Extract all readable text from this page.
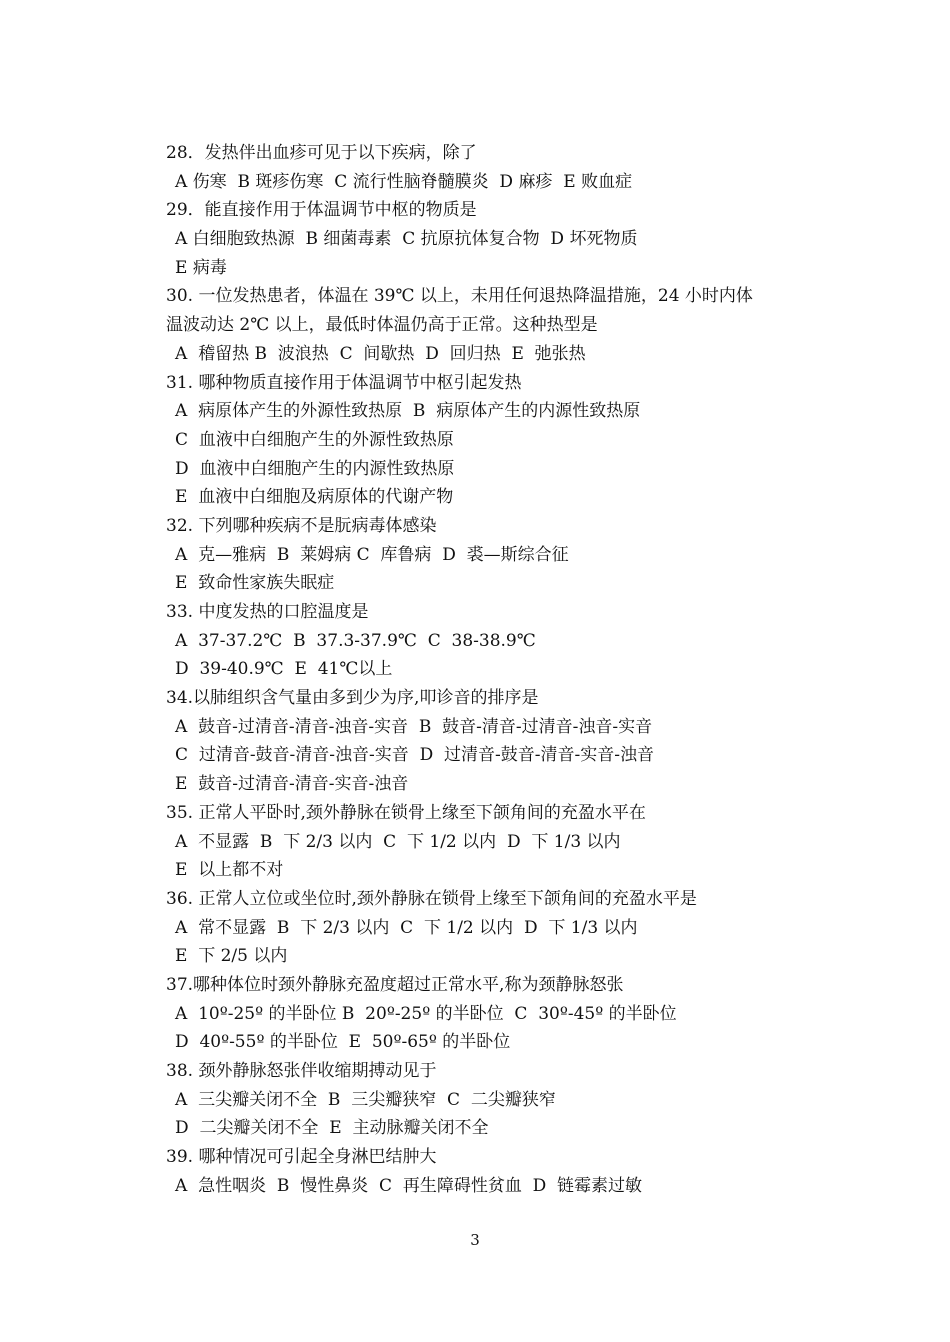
28．发热伴出血疹可见于以下疾病，除了
A 伤寒  B 斑疹伤寒  C 流行性脑脊髓膜炎  D 麻疹  E 败血症
29．能直接作用于体温调节中枢的物质是
A 白细胞致热源  B 细菌毒素  C 抗原抗体复合物  D 坏死物质
E 病毒
30. 一位发热患者，体温在 39℃ 以上，未用任何退热降温措施，24 小时内体
温波动达 2℃ 以上，最低时体温仍高于正常。这种热型是
A  稽留热 B  波浪热  C  间歇热  D  回归热  E  弛张热
31. 哪种物质直接作用于体温调节中枢引起发热
A  病原体产生的外源性致热原  B  病原体产生的内源性致热原
C  血液中白细胞产生的外源性致热原
D  血液中白细胞产生的内源性致热原
E  血液中白细胞及病原体的代谢产物
32. 下列哪种疾病不是朊病毒体感染
A  克—雅病  B  莱姆病 C  库鲁病  D  裘—斯综合征
E  致命性家族失眠症
33. 中度发热的口腔温度是
A  37-37.2℃  B  37.3-37.9℃  C  38-38.9℃
D  39-40.9℃  E  41℃以上
34.以肺组织含气量由多到少为序,叩诊音的排序是
A  鼓音-过清音-清音-浊音-实音  B  鼓音-清音-过清音-浊音-实音
C  过清音-鼓音-清音-浊音-实音  D  过清音-鼓音-清音-实音-浊音
E  鼓音-过清音-清音-实音-浊音
35. 正常人平卧时,颈外静脉在锁骨上缘至下颌角间的充盈水平在
A  不显露  B  下 2/3 以内  C  下 1/2 以内  D  下 1/3 以内
E  以上都不对
36. 正常人立位或坐位时,颈外静脉在锁骨上缘至下颌角间的充盈水平是
A  常不显露  B  下 2/3 以内  C  下 1/2 以内  D  下 1/3 以内
E  下 2/5 以内
37.哪种体位时颈外静脉充盈度超过正常水平,称为颈静脉怒张
A  10º-25º 的半卧位 B  20º-25º 的半卧位  C  30º-45º 的半卧位
D  40º-55º 的半卧位  E  50º-65º 的半卧位
38. 颈外静脉怒张伴收缩期搏动见于
A  三尖瓣关闭不全  B  三尖瓣狭窄  C  二尖瓣狭窄
D  二尖瓣关闭不全  E  主动脉瓣关闭不全
39. 哪种情况可引起全身淋巴结肿大
A  急性咽炎  B  慢性鼻炎  C  再生障碍性贫血  D  链霉素过敏
3
